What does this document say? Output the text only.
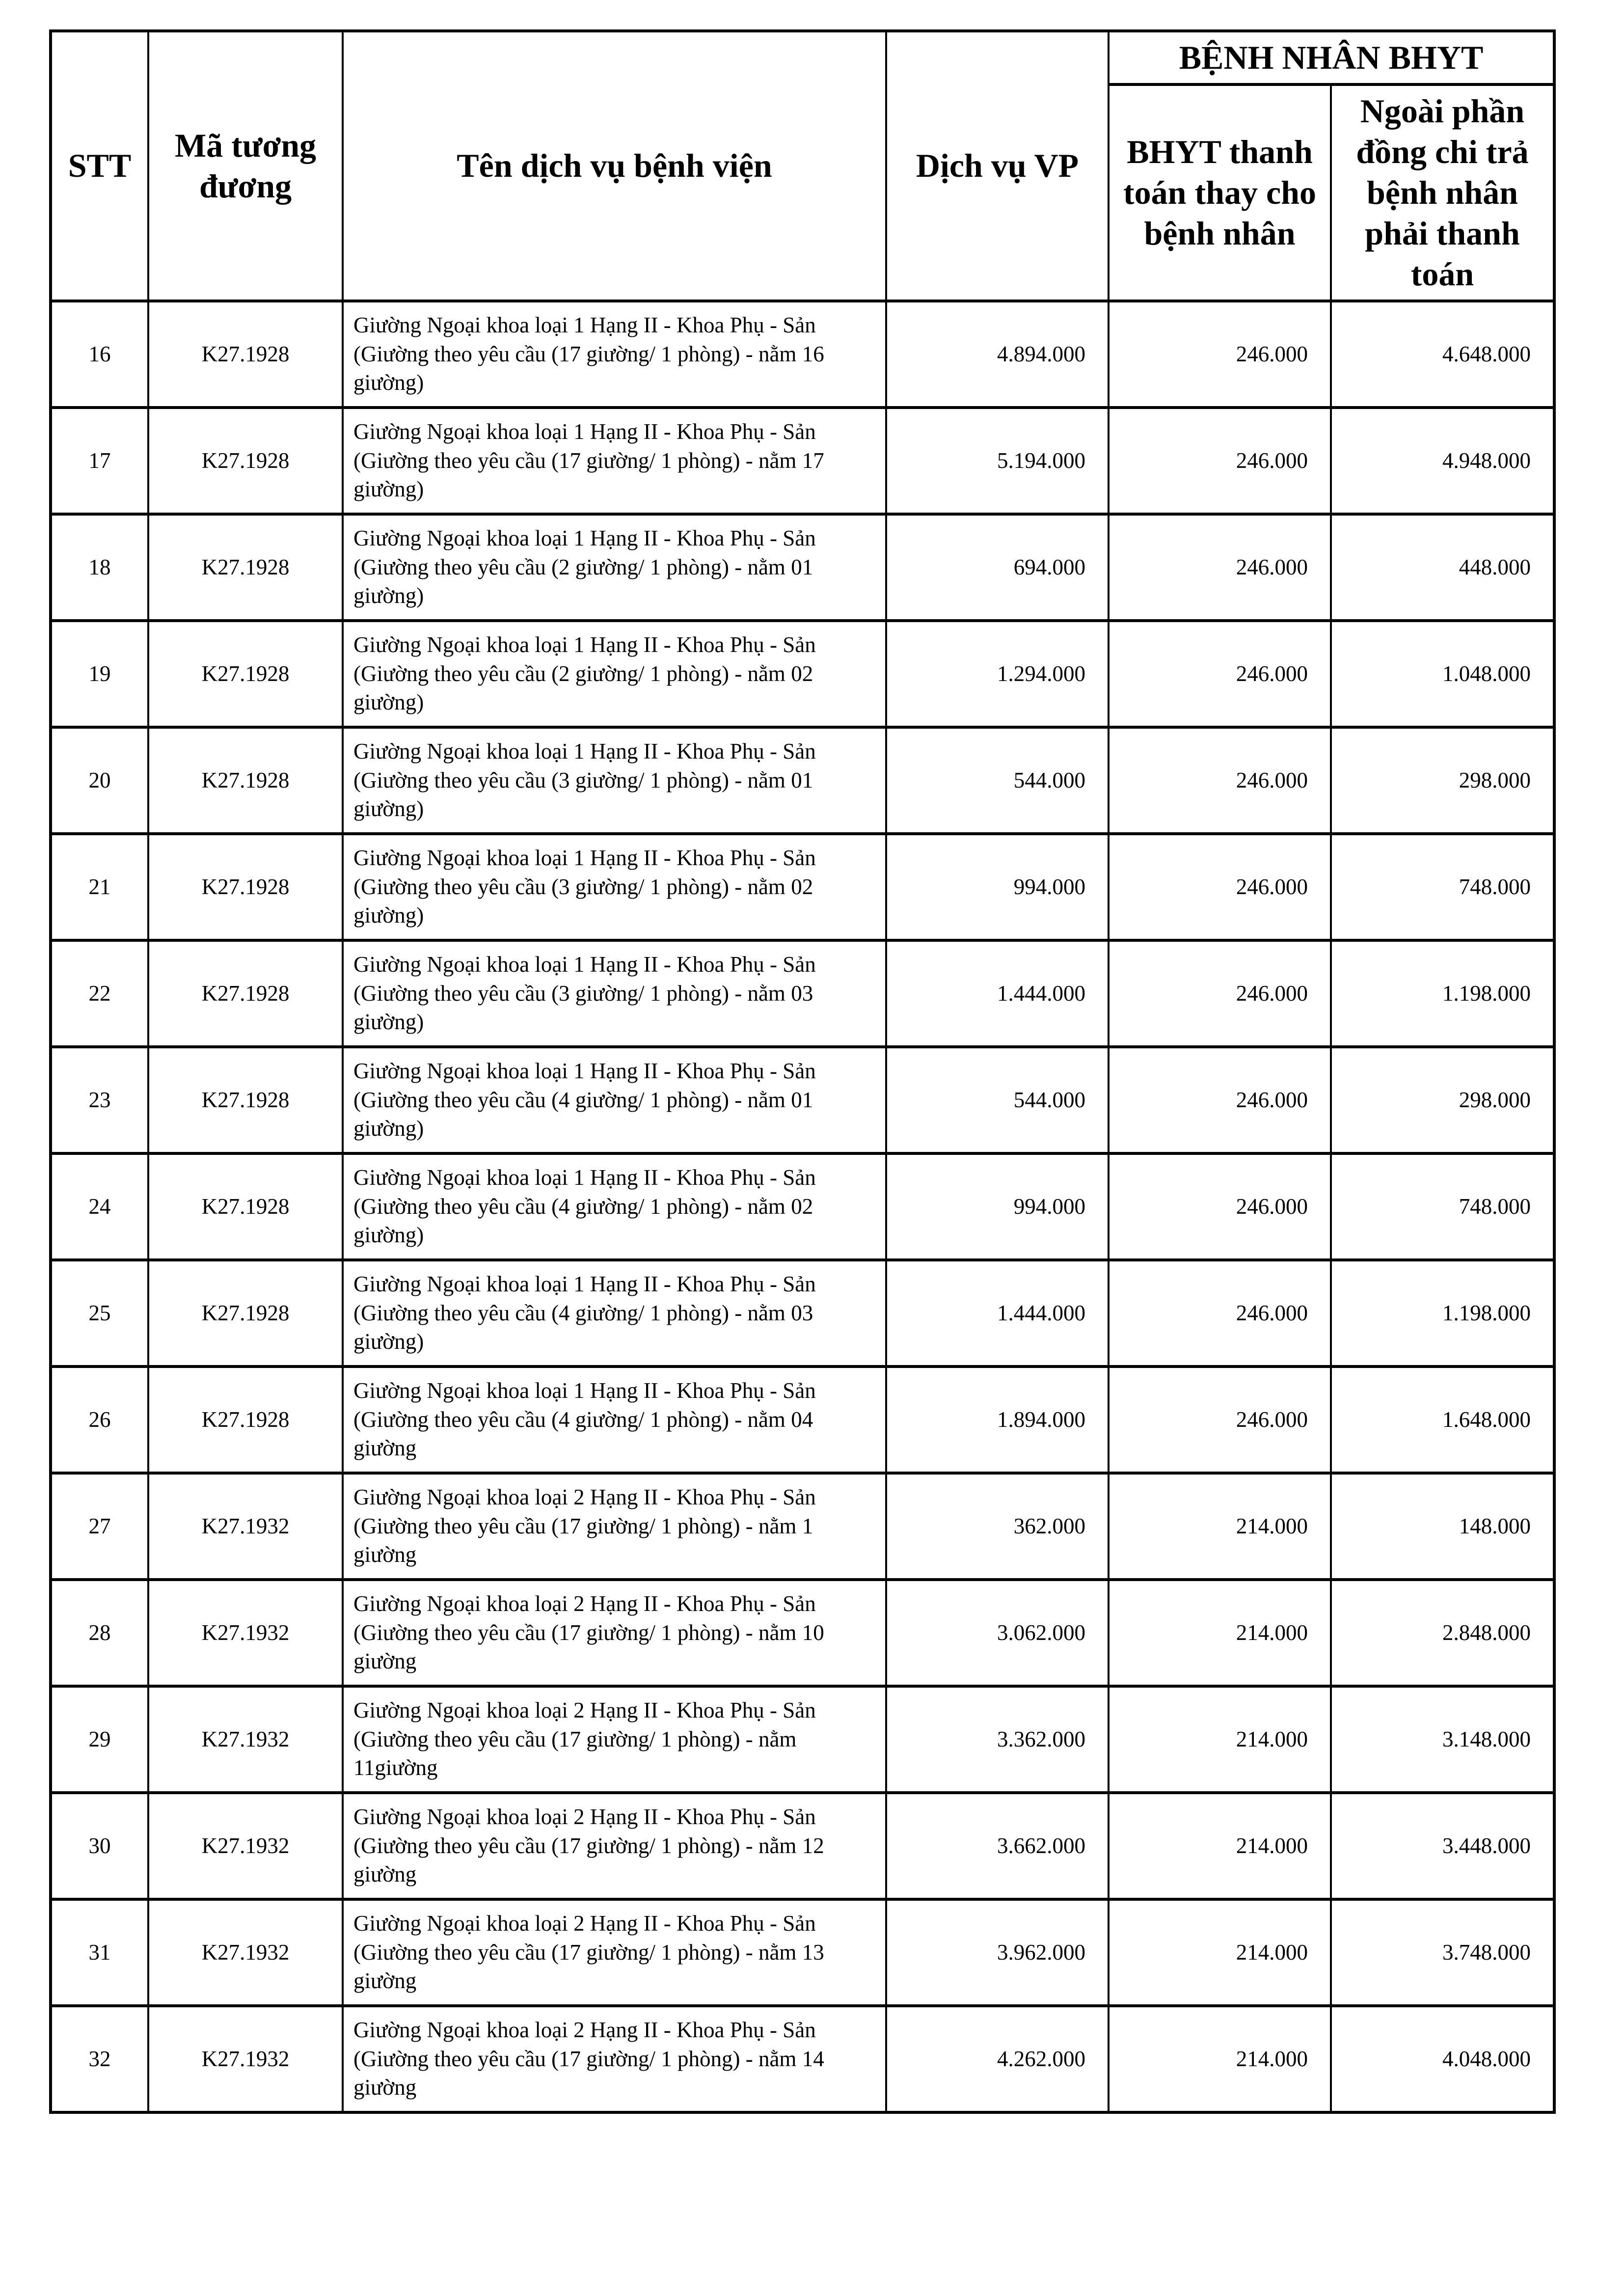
STT	Mã tương đương	Tên dịch vụ bệnh viện	Dịch vụ VP	BỆNH NHÂN BHYT	
				BHYT thanh toán thay cho bệnh nhân	Ngoài phần đồng chi trả bệnh nhân phải thanh toán
16	K27.1928	Giường Ngoại khoa loại 1 Hạng II - Khoa Phụ - Sản (Giường theo yêu cầu (17 giường/ 1 phòng) - nằm 16 giường)	4.894.000	246.000	4.648.000
17	K27.1928	Giường Ngoại khoa loại 1 Hạng II - Khoa Phụ - Sản (Giường theo yêu cầu (17 giường/ 1 phòng) - nằm 17 giường)	5.194.000	246.000	4.948.000
18	K27.1928	Giường Ngoại khoa loại 1 Hạng II - Khoa Phụ - Sản (Giường theo yêu cầu (2 giường/ 1 phòng) - nằm 01 giường)	694.000	246.000	448.000
19	K27.1928	Giường Ngoại khoa loại 1 Hạng II - Khoa Phụ - Sản (Giường theo yêu cầu (2 giường/ 1 phòng) - nằm 02 giường)	1.294.000	246.000	1.048.000
20	K27.1928	Giường Ngoại khoa loại 1 Hạng II - Khoa Phụ - Sản (Giường theo yêu cầu (3 giường/ 1 phòng) - nằm 01 giường)	544.000	246.000	298.000
21	K27.1928	Giường Ngoại khoa loại 1 Hạng II - Khoa Phụ - Sản (Giường theo yêu cầu (3 giường/ 1 phòng) - nằm 02 giường)	994.000	246.000	748.000
22	K27.1928	Giường Ngoại khoa loại 1 Hạng II - Khoa Phụ - Sản (Giường theo yêu cầu (3 giường/ 1 phòng) - nằm 03 giường)	1.444.000	246.000	1.198.000
23	K27.1928	Giường Ngoại khoa loại 1 Hạng II - Khoa Phụ - Sản (Giường theo yêu cầu (4 giường/ 1 phòng) - nằm 01 giường)	544.000	246.000	298.000
24	K27.1928	Giường Ngoại khoa loại 1 Hạng II - Khoa Phụ - Sản (Giường theo yêu cầu (4 giường/ 1 phòng) - nằm 02 giường)	994.000	246.000	748.000
25	K27.1928	Giường Ngoại khoa loại 1 Hạng II - Khoa Phụ - Sản (Giường theo yêu cầu (4 giường/ 1 phòng) - nằm 03 giường)	1.444.000	246.000	1.198.000
26	K27.1928	Giường Ngoại khoa loại 1 Hạng II - Khoa Phụ - Sản (Giường theo yêu cầu (4 giường/ 1 phòng) - nằm 04 giường	1.894.000	246.000	1.648.000
27	K27.1932	Giường Ngoại khoa loại 2 Hạng II - Khoa Phụ - Sản (Giường theo yêu cầu (17 giường/ 1 phòng) - nằm 1 giường	362.000	214.000	148.000
28	K27.1932	Giường Ngoại khoa loại 2 Hạng II - Khoa Phụ - Sản (Giường theo yêu cầu (17 giường/ 1 phòng) - nằm 10 giường	3.062.000	214.000	2.848.000
29	K27.1932	Giường Ngoại khoa loại 2 Hạng II - Khoa Phụ - Sản (Giường theo yêu cầu (17 giường/ 1 phòng) - nằm 11giường	3.362.000	214.000	3.148.000
30	K27.1932	Giường Ngoại khoa loại 2 Hạng II - Khoa Phụ - Sản (Giường theo yêu cầu (17 giường/ 1 phòng) - nằm 12 giường	3.662.000	214.000	3.448.000
31	K27.1932	Giường Ngoại khoa loại 2 Hạng II - Khoa Phụ - Sản (Giường theo yêu cầu (17 giường/ 1 phòng) - nằm 13 giường	3.962.000	214.000	3.748.000
32	K27.1932	Giường Ngoại khoa loại 2 Hạng II - Khoa Phụ - Sản (Giường theo yêu cầu (17 giường/ 1 phòng) - nằm 14 giường	4.262.000	214.000	4.048.000
